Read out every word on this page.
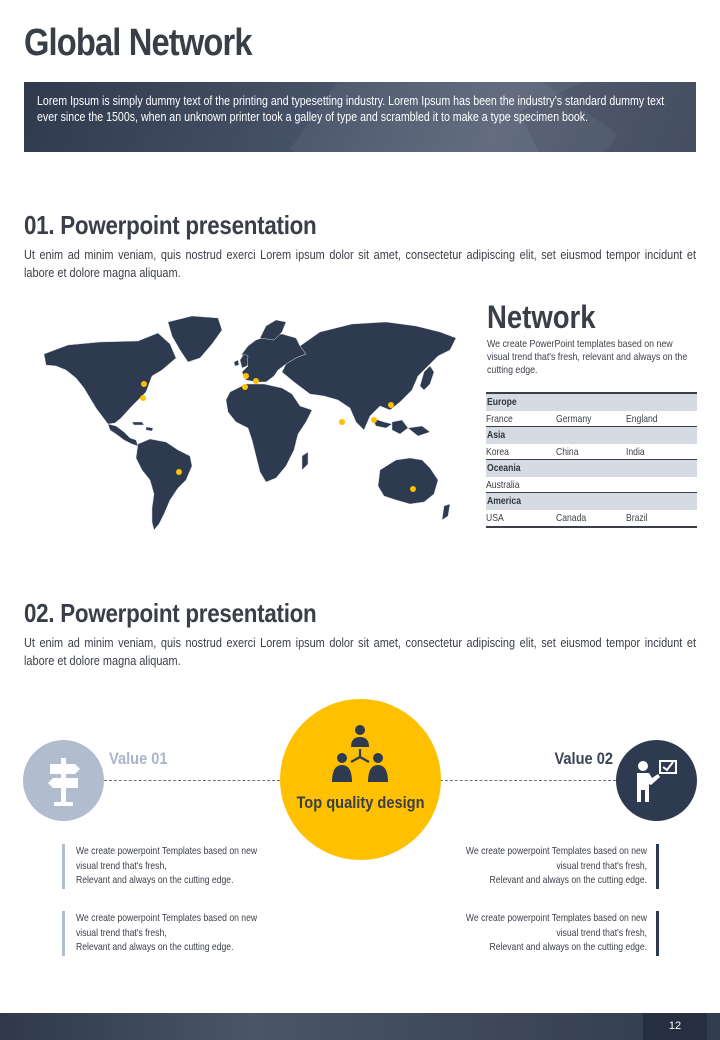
Global Network
Lorem Ipsum is simply dummy text of the printing and typesetting industry. Lorem Ipsum has been the industry's standard dummy text ever since the 1500s, when an unknown printer took a galley of type and scrambled it to make a type specimen book.
01. Powerpoint presentation
Ut enim ad minim veniam, quis nostrud exerci Lorem ipsum dolor sit amet, consectetur adipiscing elit, set eiusmod tempor incidunt et labore et dolore magna aliquam.
Network
We create PowerPoint templates based on new visual trend that's fresh, relevant and always on the cutting edge.
Europe
France	Germany	England
Asia
Korea	China	India
Oceania
Australia
America
USA	Canada	Brazil
02. Powerpoint presentation
Ut enim ad minim veniam, quis nostrud exerci Lorem ipsum dolor sit amet, consectetur adipiscing elit, set eiusmod tempor incidunt et labore et dolore magna aliquam.
Top quality design
Value 01	Value 02
We create powerpoint Templates based on new
visual trend that's fresh,
Relevant and always on the cutting edge.
We create powerpoint Templates based on new
visual trend that's fresh,
Relevant and always on the cutting edge.
We create powerpoint Templates based on new
visual trend that's fresh,
Relevant and always on the cutting edge.
We create powerpoint Templates based on new
visual trend that's fresh,
Relevant and always on the cutting edge.
12
